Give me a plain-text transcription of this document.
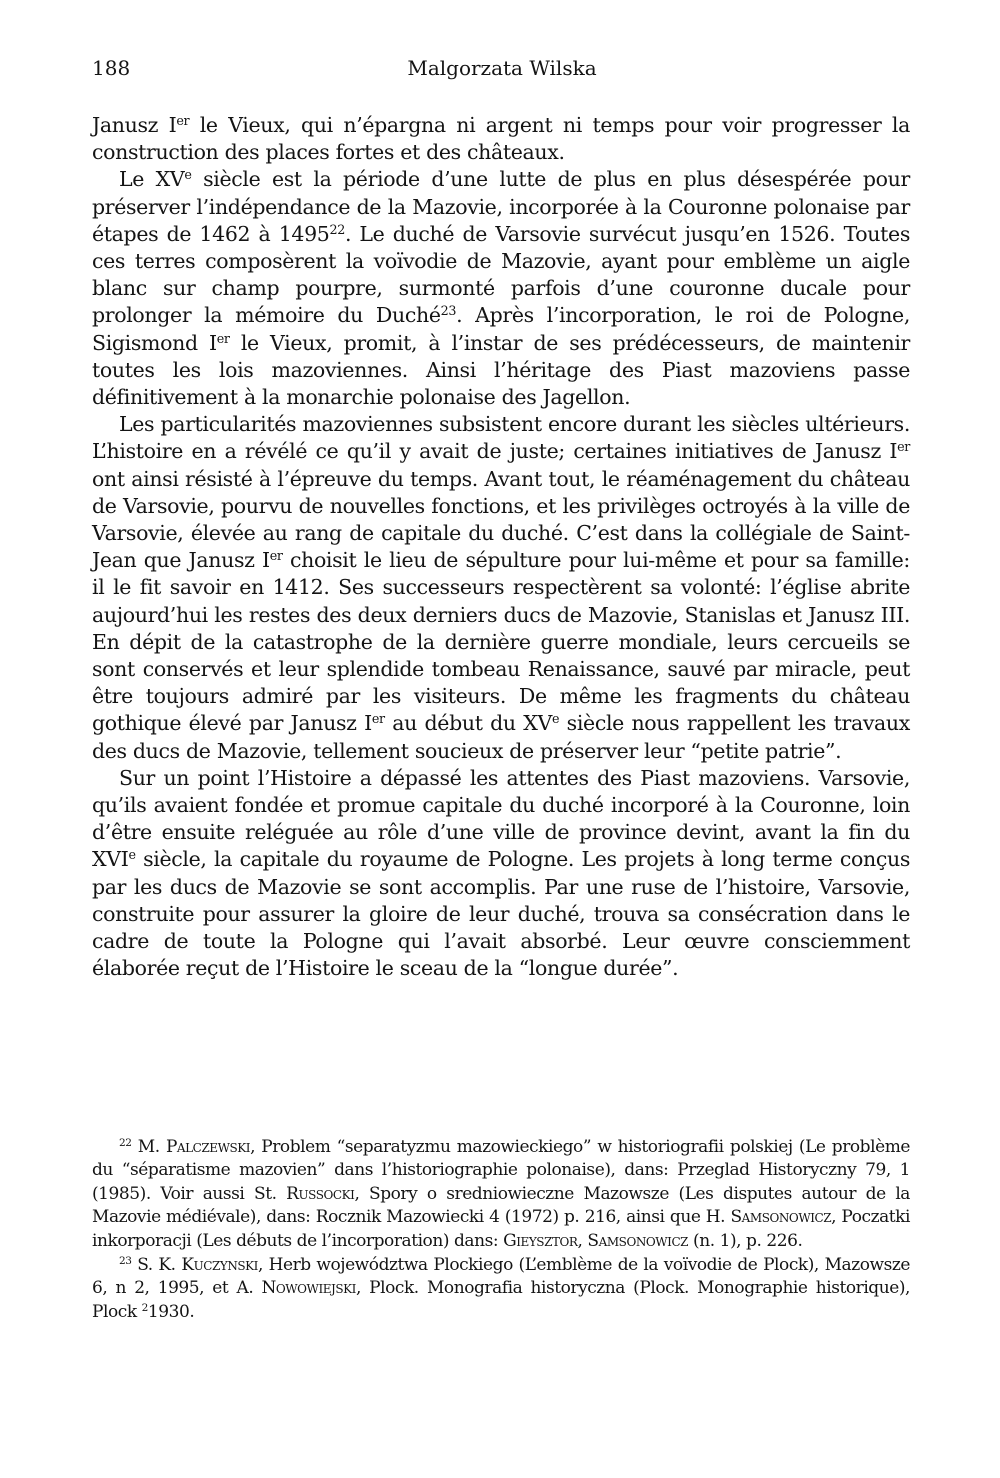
188	Malgorzata Wilska

Janusz Ier le Vieux, qui n’épargna ni argent ni temps pour voir progresser la construction des places fortes et des châteaux.

Le XVe siècle est la période d’une lutte de plus en plus désespérée pour préserver l’indépendance de la Mazovie, incorporée à la Couronne polonaise par étapes de 1462 à 1495$^{22}$. Le duché de Varsovie survécut jusqu’en 1526. Toutes ces terres composèrent la voïvodie de Mazovie, ayant pour emblème un aigle blanc sur champ pourpre, surmonté parfois d’une couronne ducale pour prolonger la mémoire du Duché$^{23}$. Après l’incorporation, le roi de Pologne, Sigismond Ier le Vieux, promit, à l’instar de ses prédécesseurs, de maintenir toutes les lois mazoviennes. Ainsi l’héritage des Piast mazoviens passe définitivement à la monarchie polonaise des Jagellon.

Les particularités mazoviennes subsistent encore durant les siècles ultérieurs. L’histoire en a révélé ce qu’il y avait de juste; certaines initiatives de Janusz Ier ont ainsi résisté à l’épreuve du temps. Avant tout, le réaménagement du château de Varsovie, pourvu de nouvelles fonctions, et les privilèges octroyés à la ville de Varsovie, élevée au rang de capitale du duché. C’est dans la collégiale de Saint-Jean que Janusz Ier choisit le lieu de sépulture pour lui-même et pour sa famille: il le fit savoir en 1412. Ses successeurs respectèrent sa volonté: l’église abrite aujourd’hui les restes des deux derniers ducs de Mazovie, Stanislas et Janusz III. En dépit de la catastrophe de la dernière guerre mondiale, leurs cercueils se sont conservés et leur splendide tombeau Renaissance, sauvé par miracle, peut être toujours admiré par les visiteurs. De même les fragments du château gothique élevé par Janusz Ier au début du XVe siècle nous rappellent les travaux des ducs de Mazovie, tellement soucieux de préserver leur “petite patrie”.

Sur un point l’Histoire a dépassé les attentes des Piast mazoviens. Varsovie, qu’ils avaient fondée et promue capitale du duché incorporé à la Couronne, loin d’être ensuite reléguée au rôle d’une ville de province devint, avant la fin du XVIe siècle, la capitale du royaume de Pologne. Les projets à long terme conçus par les ducs de Mazovie se sont accomplis. Par une ruse de l’histoire, Varsovie, construite pour assurer la gloire de leur duché, trouva sa consécration dans le cadre de toute la Pologne qui l’avait absorbé. Leur œuvre consciemment élaborée reçut de l’Histoire le sceau de la “longue durée”.

$^{22}$ M. Palczewski, Problem “separatyzmu mazowieckiego” w historiografii polskiej (Le problème du “séparatisme mazovien” dans l’historiographie polonaise), dans: Przeglad Historyczny 79, 1 (1985). Voir aussi St. Russocki, Spory o sredniowieczne Mazowsze (Les disputes autour de la Mazovie médiévale), dans: Rocznik Mazowiecki 4 (1972) p. 216, ainsi que H. Samsonowicz, Poczatki inkorporacji (Les débuts de l’incorporation) dans: Gieysztor, Samsonowicz (n. 1), p. 226.

$^{23}$ S. K. Kuczynski, Herb województwa Plockiego (L’emblème de la voïvodie de Plock), Mazowsze 6, n 2, 1995, et A. Nowowiejski, Plock. Monografia historyczna (Plock. Monographie historique), Plock $^2$1930.
